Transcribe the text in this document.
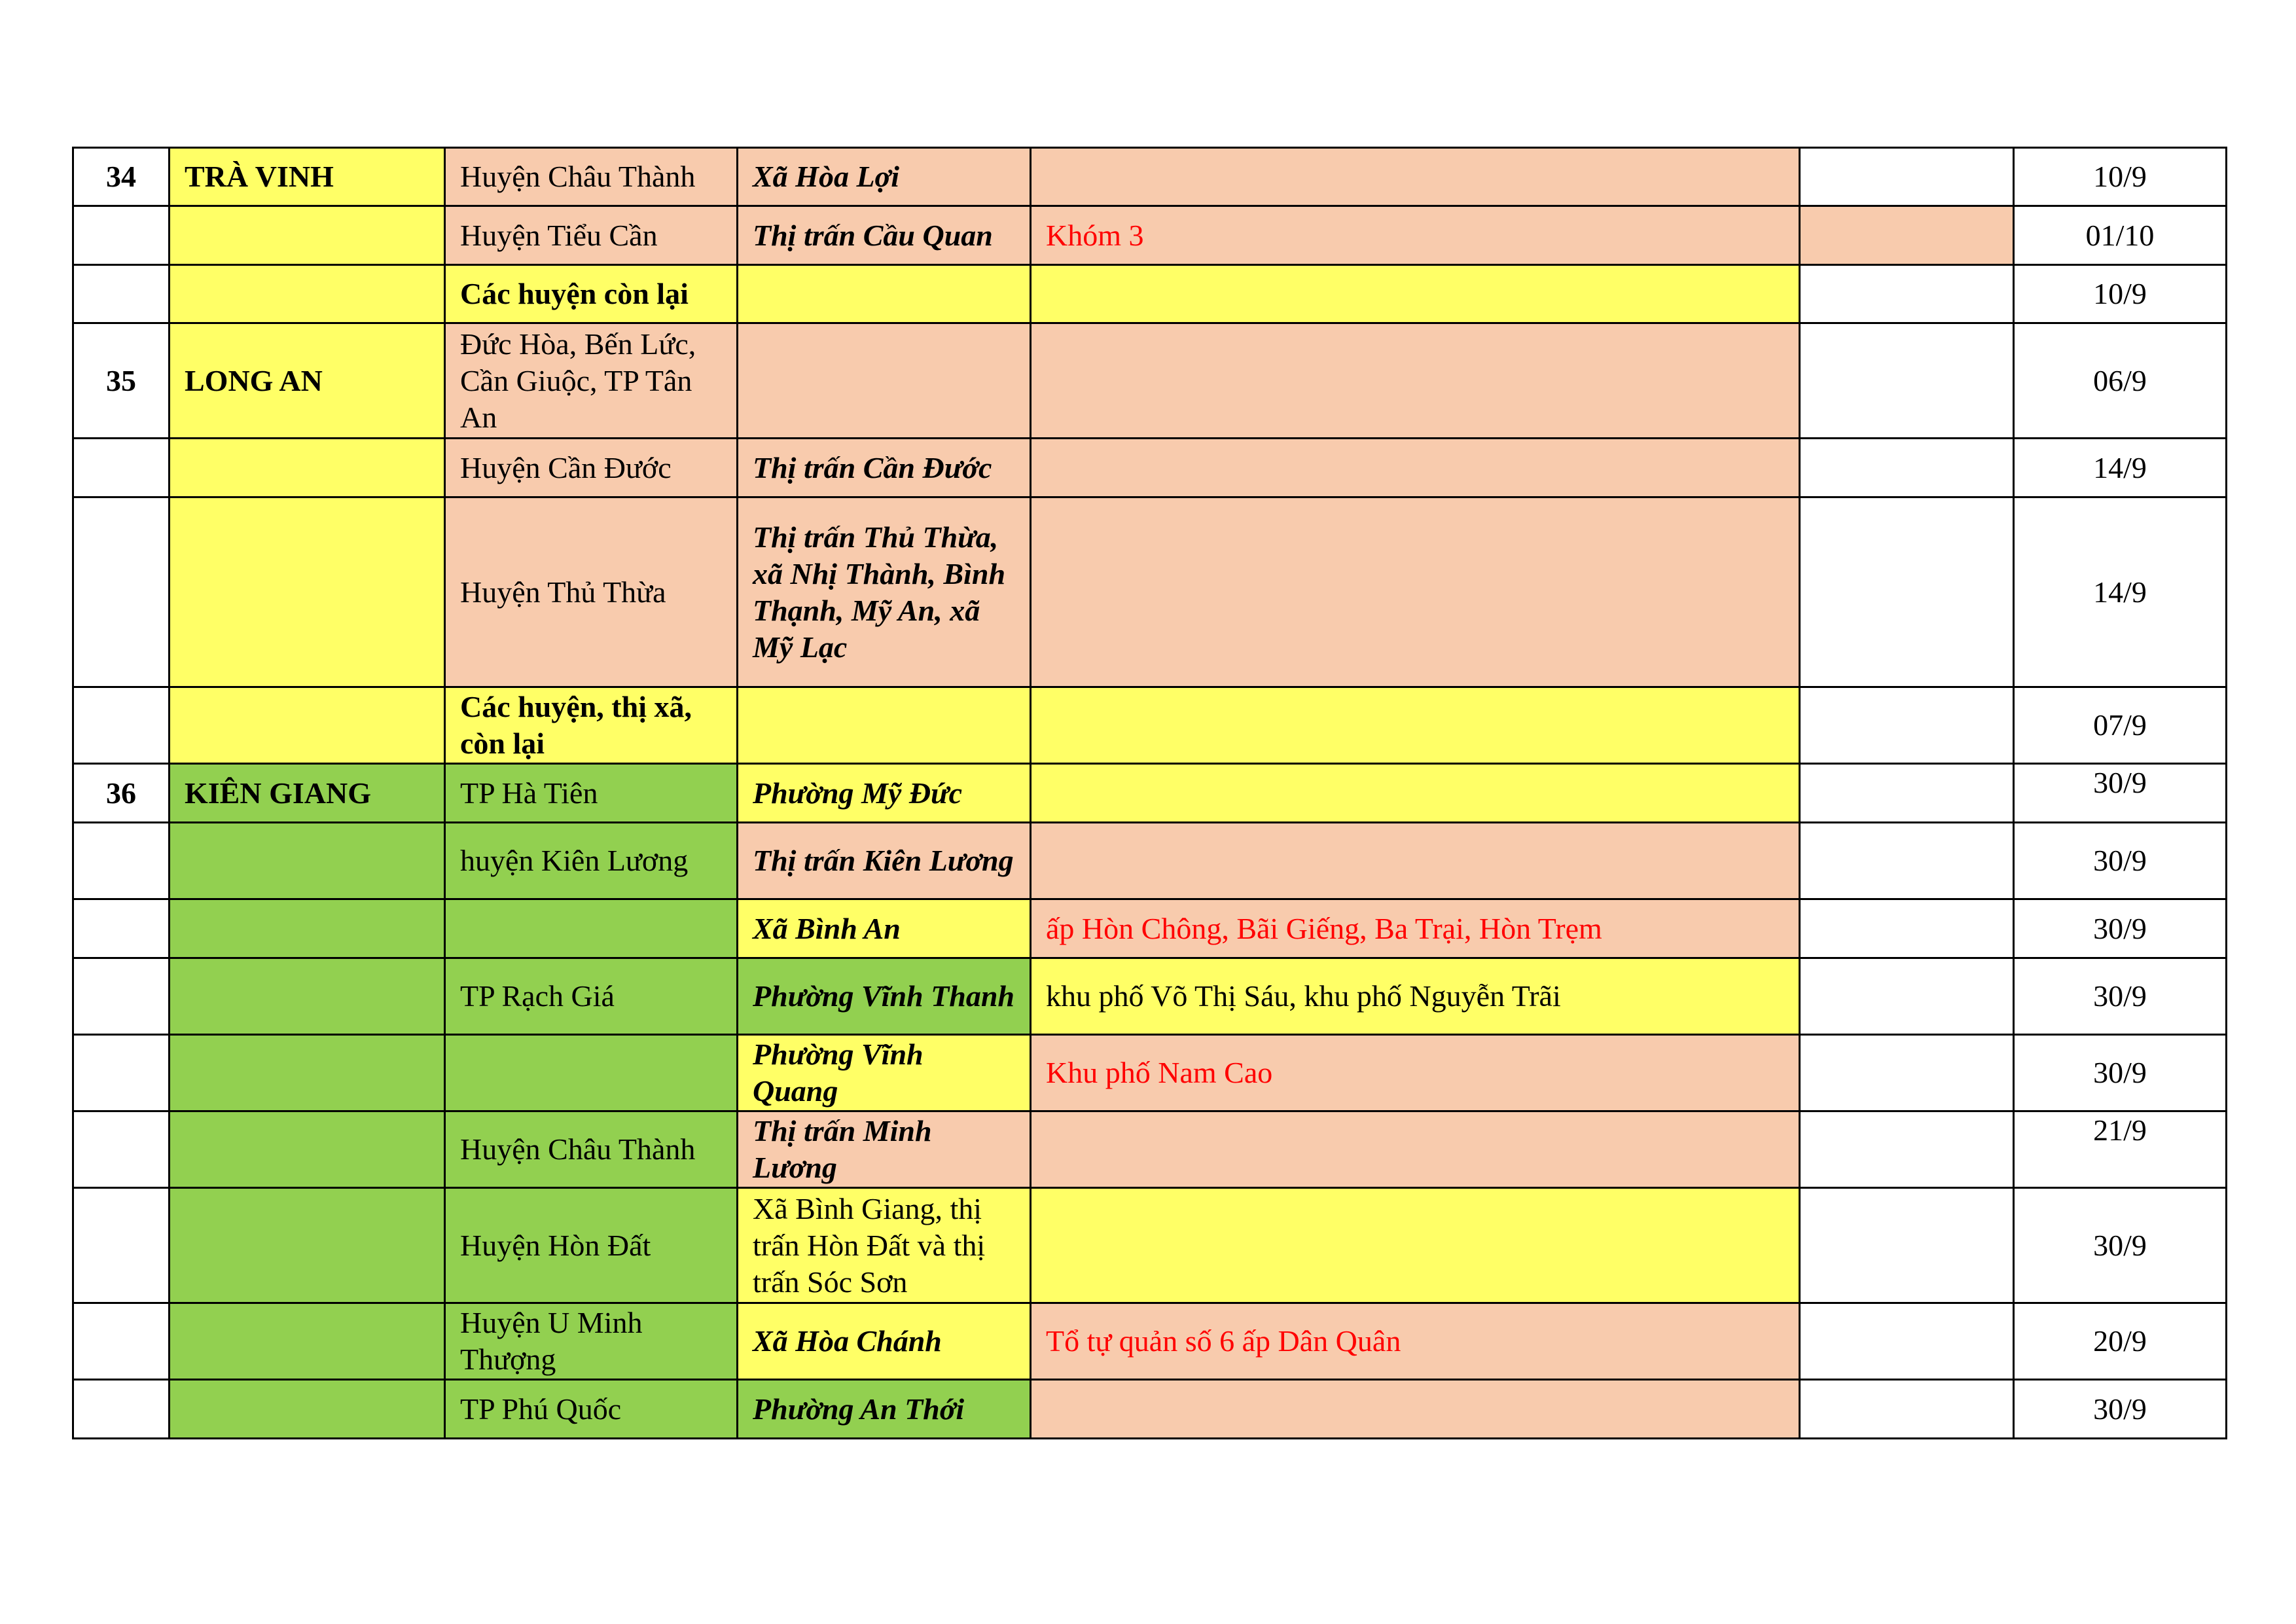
34	TRÀ VINH	Huyện Châu Thành	Xã Hòa Lợi			10/9
		Huyện Tiểu Cần	Thị trấn Cầu Quan	Khóm 3		01/10
		Các huyện còn lại				10/9
35	LONG AN	Đức Hòa, Bến Lức, Cần Giuộc, TP Tân An				06/9
		Huyện Cần Đước	Thị trấn Cần Đước			14/9
		Huyện Thủ Thừa	Thị trấn Thủ Thừa, xã Nhị Thành, Bình Thạnh, Mỹ An, xã Mỹ Lạc			14/9
		Các huyện, thị xã, còn lại				07/9
36	KIÊN GIANG	TP Hà Tiên	Phường Mỹ Đức			30/9
		huyện Kiên Lương	Thị trấn Kiên Lương			30/9
			Xã Bình An	ấp Hòn Chông, Bãi Giếng, Ba Trại, Hòn Trẹm		30/9
		TP Rạch Giá	Phường Vĩnh Thanh	khu phố Võ Thị Sáu, khu phố Nguyễn Trãi		30/9
			Phường Vĩnh Quang	Khu phố Nam Cao		30/9
		Huyện Châu Thành	Thị trấn Minh Lương			21/9
		Huyện Hòn Đất	Xã Bình Giang, thị trấn Hòn Đất và thị trấn Sóc Sơn			30/9
		Huyện U Minh Thượng	Xã Hòa Chánh	Tổ tự quản số 6 ấp Dân Quân		20/9
		TP Phú Quốc	Phường An Thới			30/9
